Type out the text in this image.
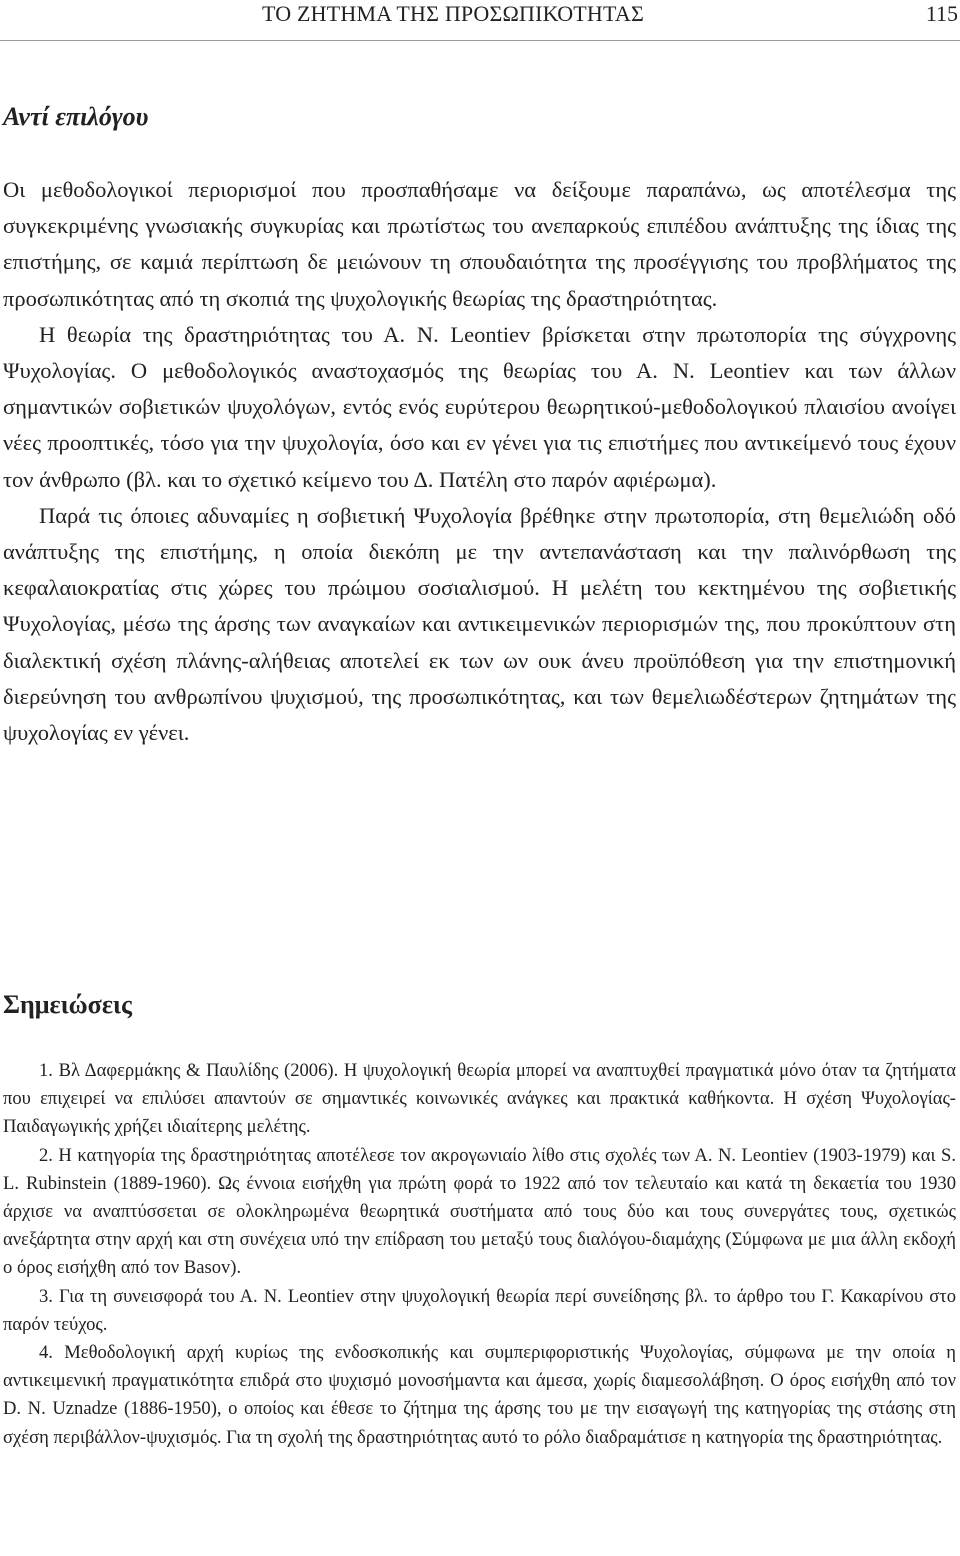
ΤΟ ΖΗΤΗΜΑ ΤΗΣ ΠΡΟΣΩΠΙΚΟΤΗΤΑΣ	115
Αντί επιλόγου

Οι μεθοδολογικοί περιορισμοί που προσπαθήσαμε να δείξουμε παραπάνω, ως αποτέλεσμα της συγκεκριμένης γνωσιακής συγκυρίας και πρωτίστως του ανεπαρκούς επιπέδου ανάπτυξης της ίδιας της επιστήμης, σε καμιά περίπτωση δε μειώνουν τη σπουδαιότητα της προσέγγισης του προβλήματος της προσωπικότητας από τη σκοπιά της ψυχολογικής θεωρίας της δραστηριότητας.

Η θεωρία της δραστηριότητας του Α. Ν. Leontiev βρίσκεται στην πρωτοπορία της σύγχρονης Ψυχολογίας. Ο μεθοδολογικός αναστοχασμός της θεωρίας του Α. Ν. Leontiev και των άλλων σημαντικών σοβιετικών ψυχολόγων, εντός ενός ευρύτερου θεωρητικού-μεθοδολογικού πλαισίου ανοίγει νέες προοπτικές, τόσο για την ψυχολογία, όσο και εν γένει για τις επιστήμες που αντικείμενό τους έχουν τον άνθρωπο (βλ. και το σχετικό κείμενο του Δ. Πατέλη στο παρόν αφιέρωμα).

Παρά τις όποιες αδυναμίες η σοβιετική Ψυχολογία βρέθηκε στην πρωτοπορία, στη θεμελιώδη οδό ανάπτυξης της επιστήμης, η οποία διεκόπη με την αντεπανάσταση και την παλινόρθωση της κεφαλαιοκρατίας στις χώρες του πρώιμου σοσιαλισμού. Η μελέτη του κεκτημένου της σοβιετικής Ψυχολογίας, μέσω της άρσης των αναγκαίων και αντικειμενικών περιορισμών της, που προκύπτουν στη διαλεκτική σχέση πλάνης-αλήθειας αποτελεί εκ των ων ουκ άνευ προϋπόθεση για την επιστημονική διερεύνηση του ανθρωπίνου ψυχισμού, της προσωπικότητας, και των θεμελιωδέστερων ζητημάτων της ψυχολογίας εν γένει.

Σημειώσεις

1. Βλ Δαφερμάκης & Παυλίδης (2006). Η ψυχολογική θεωρία μπορεί να αναπτυχθεί πραγματικά μόνο όταν τα ζητήματα που επιχειρεί να επιλύσει απαντούν σε σημαντικές κοινωνικές ανάγκες και πρακτικά καθήκοντα. Η σχέση Ψυχολογίας-Παιδαγωγικής χρήζει ιδιαίτερης μελέτης.

2. Η κατηγορία της δραστηριότητας αποτέλεσε τον ακρογωνιαίο λίθο στις σχολές των Α. Ν. Leontiev (1903-1979) και S. L. Rubinstein (1889-1960). Ως έννοια εισήχθη για πρώτη φορά το 1922 από τον τελευταίο και κατά τη δεκαετία του 1930 άρχισε να αναπτύσσεται σε ολοκληρωμένα θεωρητικά συστήματα από τους δύο και τους συνεργάτες τους, σχετικώς ανεξάρτητα στην αρχή και στη συνέχεια υπό την επίδραση του μεταξύ τους διαλόγου-διαμάχης (Σύμφωνα με μια άλλη εκδοχή ο όρος εισήχθη από τον Basov).

3. Για τη συνεισφορά του Α. Ν. Leontiev στην ψυχολογική θεωρία περί συνείδησης βλ. το άρθρο του Γ. Κακαρίνου στο παρόν τεύχος.

4. Μεθοδολογική αρχή κυρίως της ενδοσκοπικής και συμπεριφοριστικής Ψυχολογίας, σύμφωνα με την οποία η αντικειμενική πραγματικότητα επιδρά στο ψυχισμό μονοσήμαντα και άμεσα, χωρίς διαμεσολάβηση. Ο όρος εισήχθη από τον D. N. Uznadze (1886-1950), ο οποίος και έθεσε το ζήτημα της άρσης του με την εισαγωγή της κατηγορίας της στάσης στη σχέση περιβάλλον-ψυχισμός. Για τη σχολή της δραστηριότητας αυτό το ρόλο διαδραμάτισε η κατηγορία της δραστηριότητας.
